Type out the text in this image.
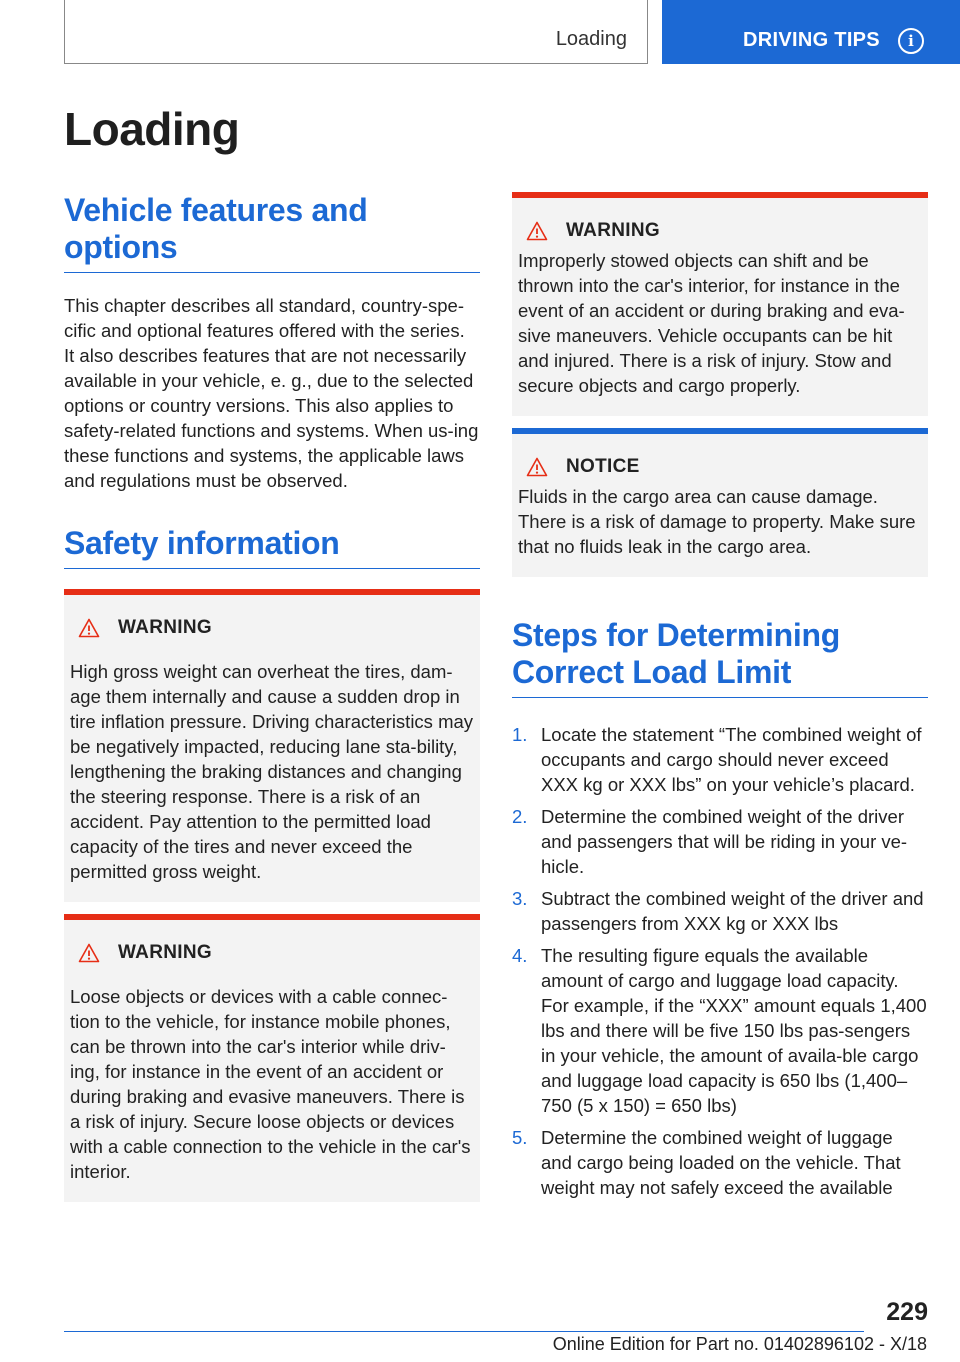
Loading	DRIVING TIPS	i
Loading
Vehicle features and options

This chapter describes all standard, country-spe-cific and optional features offered with the series. It also describes features that are not necessarily available in your vehicle, e. g., due to the selected options or country versions. This also applies to safety-related functions and systems. When us-ing these functions and systems, the applicable laws and regulations must be observed.

Safety information
WARNING

High gross weight can overheat the tires, dam-age them internally and cause a sudden drop in tire inflation pressure. Driving characteristics may be negatively impacted, reducing lane sta-bility, lengthening the braking distances and changing the steering response. There is a risk of an accident. Pay attention to the permitted load capacity of the tires and never exceed the permitted gross weight.

WARNING

Loose objects or devices with a cable connec-tion to the vehicle, for instance mobile phones, can be thrown into the car's interior while driv-ing, for instance in the event of an accident or during braking and evasive maneuvers. There is a risk of injury. Secure loose objects or devices with a cable connection to the vehicle in the car's interior.

WARNING

Improperly stowed objects can shift and be thrown into the car's interior, for instance in the event of an accident or during braking and eva-sive maneuvers. Vehicle occupants can be hit and injured. There is a risk of injury. Stow and secure objects and cargo properly.

NOTICE

Fluids in the cargo area can cause damage. There is a risk of damage to property. Make sure that no fluids leak in the cargo area.

Steps for Determining Correct Load Limit
1. Locate the statement “The combined weight of occupants and cargo should never exceed XXX kg or XXX lbs” on your vehicle’s placard.
2. Determine the combined weight of the driver and passengers that will be riding in your ve-hicle.
3. Subtract the combined weight of the driver and passengers from XXX kg or XXX lbs
4. The resulting figure equals the available amount of cargo and luggage load capacity. For example, if the “XXX” amount equals 1,400 lbs and there will be five 150 lbs pas-sengers in your vehicle, the amount of availa-ble cargo and luggage load capacity is 650 lbs (1,400–750 (5 x 150) = 650 lbs)
5. Determine the combined weight of luggage and cargo being loaded on the vehicle. That weight may not safely exceed the available
229
Online Edition for Part no. 01402896102 - X/18
